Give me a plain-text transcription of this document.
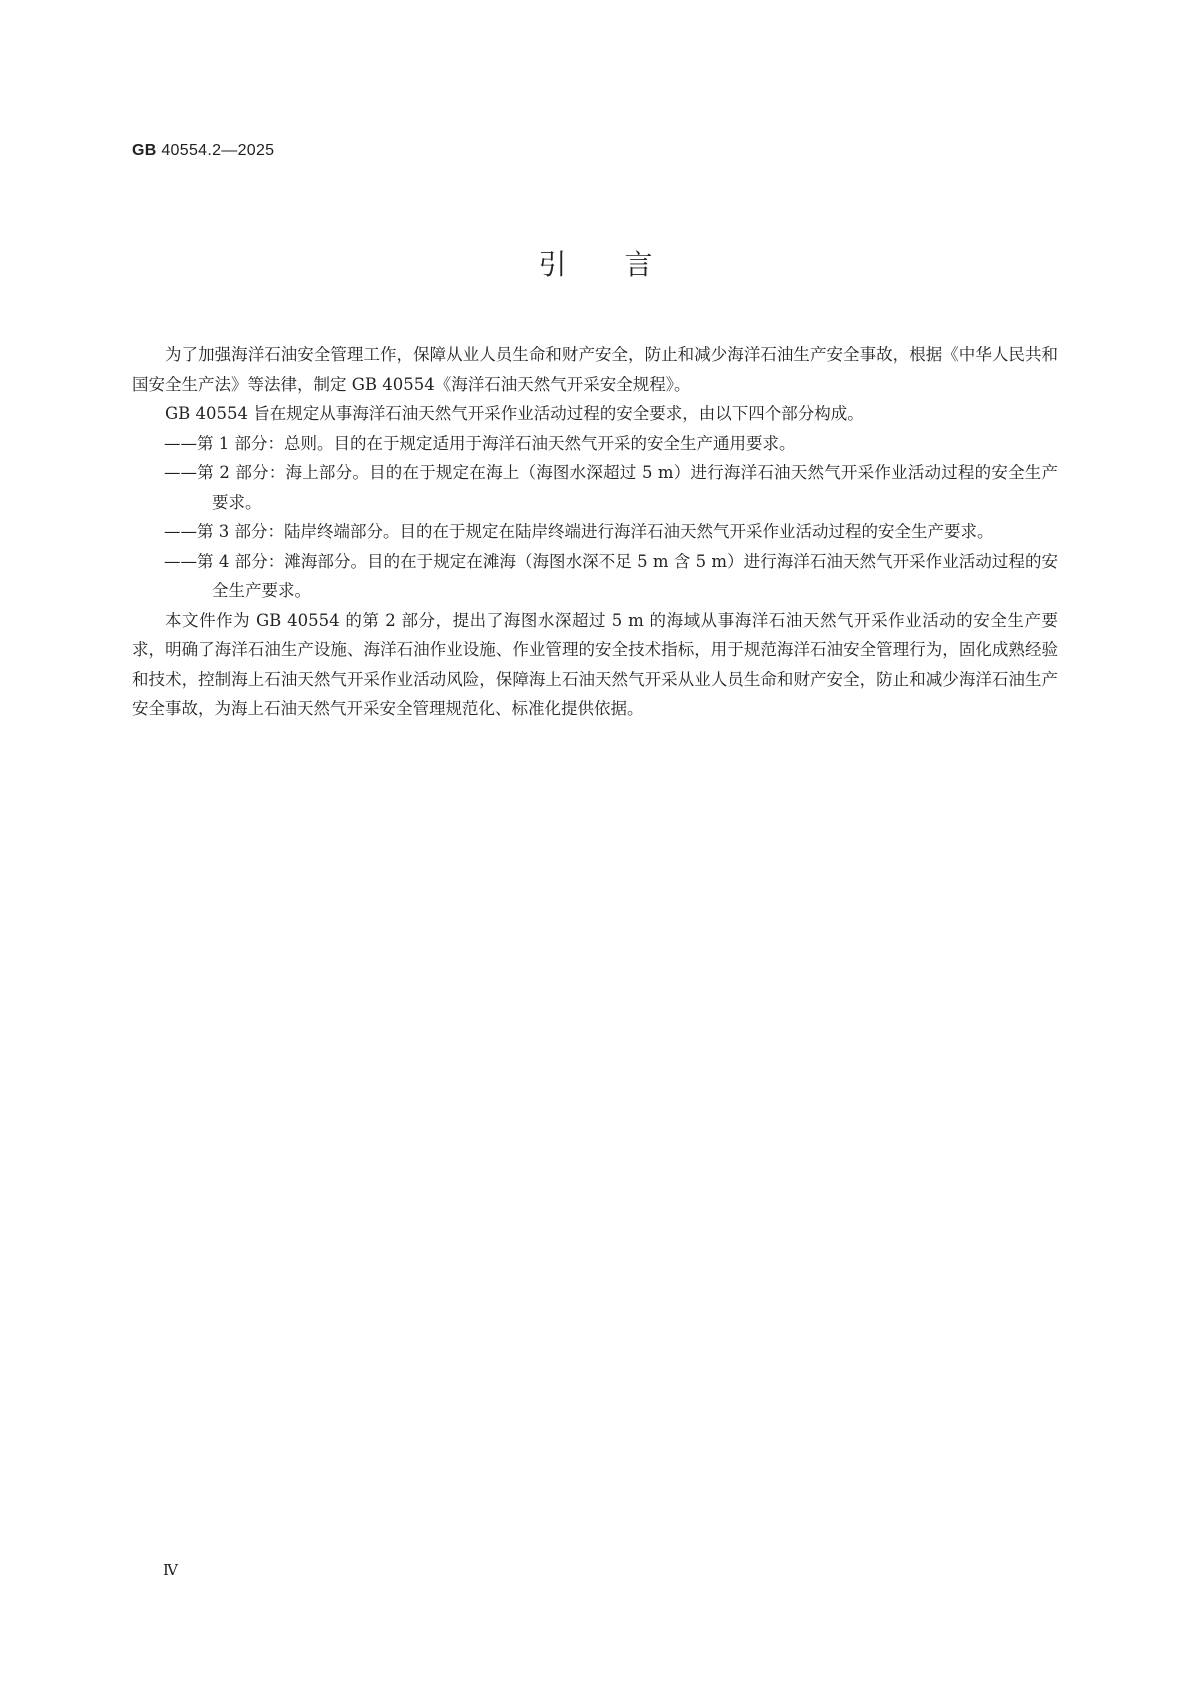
GB 40554.2—2025
引言

为了加强海洋石油安全管理工作，保障从业人员生命和财产安全，防止和减少海洋石油生产安全事故，根据《中华人民共和国安全生产法》等法律，制定 GB 40554《海洋石油天然气开采安全规程》。

GB 40554 旨在规定从事海洋石油天然气开采作业活动过程的安全要求，由以下四个部分构成。

——第 1 部分：总则。目的在于规定适用于海洋石油天然气开采的安全生产通用要求。

——第 2 部分：海上部分。目的在于规定在海上（海图水深超过 5 m）进行海洋石油天然气开采作业活动过程的安全生产要求。

——第 3 部分：陆岸终端部分。目的在于规定在陆岸终端进行海洋石油天然气开采作业活动过程的安全生产要求。

——第 4 部分：滩海部分。目的在于规定在滩海（海图水深不足 5 m 含 5 m）进行海洋石油天然气开采作业活动过程的安全生产要求。

本文件作为 GB 40554 的第 2 部分，提出了海图水深超过 5 m 的海域从事海洋石油天然气开采作业活动的安全生产要求，明确了海洋石油生产设施、海洋石油作业设施、作业管理的安全技术指标，用于规范海洋石油安全管理行为，固化成熟经验和技术，控制海上石油天然气开采作业活动风险，保障海上石油天然气开采从业人员生命和财产安全，防止和减少海洋石油生产安全事故，为海上石油天然气开采安全管理规范化、标准化提供依据。

Ⅳ
